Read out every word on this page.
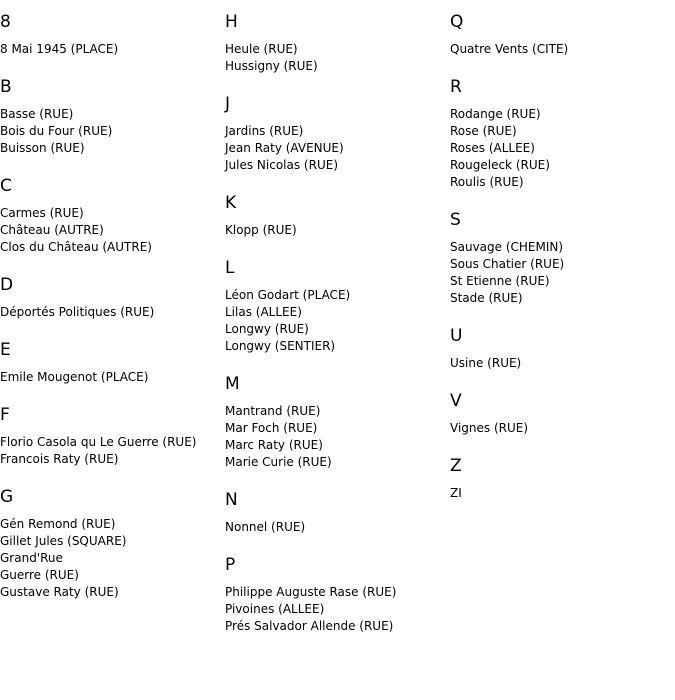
8
8 Mai 1945 (PLACE)
B
Basse (RUE)
Bois du Four (RUE)
Buisson (RUE)
C
Carmes (RUE)
Château (AUTRE)
Clos du Château (AUTRE)
D
Déportés Politiques (RUE)
E
Emile Mougenot (PLACE)
F
Florio Casola qu Le Guerre (RUE)
Francois Raty (RUE)
G
Gén Remond (RUE)
Gillet Jules (SQUARE)
Grand'Rue
Guerre (RUE)
Gustave Raty (RUE)
H
Heule (RUE)
Hussigny (RUE)
J
Jardins (RUE)
Jean Raty (AVENUE)
Jules Nicolas (RUE)
K
Klopp (RUE)
L
Léon Godart (PLACE)
Lilas (ALLEE)
Longwy (RUE)
Longwy (SENTIER)
M
Mantrand (RUE)
Mar Foch (RUE)
Marc Raty (RUE)
Marie Curie (RUE)
N
Nonnel (RUE)
P
Philippe Auguste Rase (RUE)
Pivoines (ALLEE)
Prés Salvador Allende (RUE)
Q
Quatre Vents (CITE)
R
Rodange (RUE)
Rose (RUE)
Roses (ALLEE)
Rougeleck (RUE)
Roulis (RUE)
S
Sauvage (CHEMIN)
Sous Chatier (RUE)
St Etienne (RUE)
Stade (RUE)
U
Usine (RUE)
V
Vignes (RUE)
Z
ZI
